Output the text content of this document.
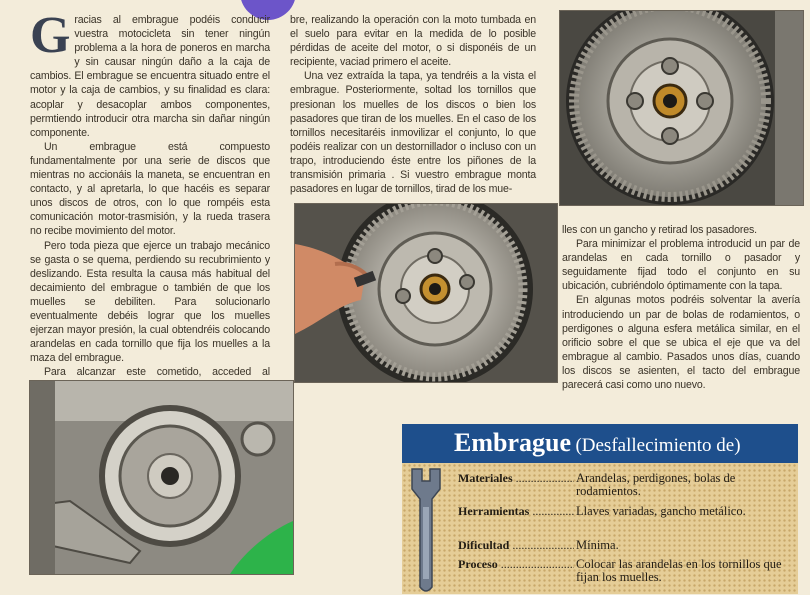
G racias al embrague podéis conducir vuestra motocicleta sin tener ningún problema a la hora de poneros en marcha y sin causar ningún daño a la caja de cambios. El embrague se encuentra situado entre el motor y la caja de cambios, y su finalidad es clara: acoplar y desacoplar ambos componentes, permtiendo introducir otra marcha sin dañar ningún componente.

Un embrague está compuesto fundamentalmente por una serie de discos que mientras no accionáis la maneta, se encuentran en contacto, y al apretarla, lo que hacéis es separar unos discos de otros, con lo que rompéis esta comunicación motor-trasmisión, y la rueda trasera no recibe movimiento del motor.

Pero toda pieza que ejerce un trabajo mecánico se gasta o se quema, perdiendo su recubrimiento y deslizando. Esta resulta la causa más habitual del decaimiento del embrague o también de que los muelles se debiliten. Para solucionarlo eventualmente debéis lograr que los muelles ejerzan mayor presión, la cual obtendréis colocando arandelas en cada tornillo que fija los muelles a la maza del embrague.

Para alcanzar este cometido, acceded al

bre, realizando la operación con la moto tumbada en el suelo para evitar en la medida de lo posible pérdidas de aceite del motor, o si disponéis de un recipiente, vaciad primero el aceite.

Una vez extraída la tapa, ya tendréis a la vista el embrague. Posteriormente, soltad los tornillos que presionan los muelles de los discos o bien los pasadores que tiran de los muelles. En el caso de los tornillos necesitaréis inmovilizar el conjunto, lo que podéis realizar con un destornillador o incluso con un trapo, introduciendo éste entre los piñones de la transmisión primaria . Si vuestro embrague monta pasadores en lugar de tornillos, tirad de los mue-

lles con un gancho y retirad los pasadores.

Para minimizar el problema introducid un par de arandelas en cada tornillo o pasador y seguidamente fijad todo el conjunto en su ubicación, cubriéndolo óptimamente con la tapa.

En algunas motos podréis solventar la avería introduciendo un par de bolas de rodamientos, o perdigones o alguna esfera metálica similar, en el orificio sobre el que se ubica el eje que va del embrague al cambio. Pasados unos días, cuando los discos se asienten, el tacto del embrague parecerá casi como uno nuevo.

Embrague (Desfallecimiento de)
Materiales .....	Arandelas, perdigones, bolas de rodamientos.
Herramientas .....	Llaves variadas, gancho metálico.
Dificultad .....	Mínima.
Proceso .....	Colocar las arandelas en los tornillos que fijan los muelles.
